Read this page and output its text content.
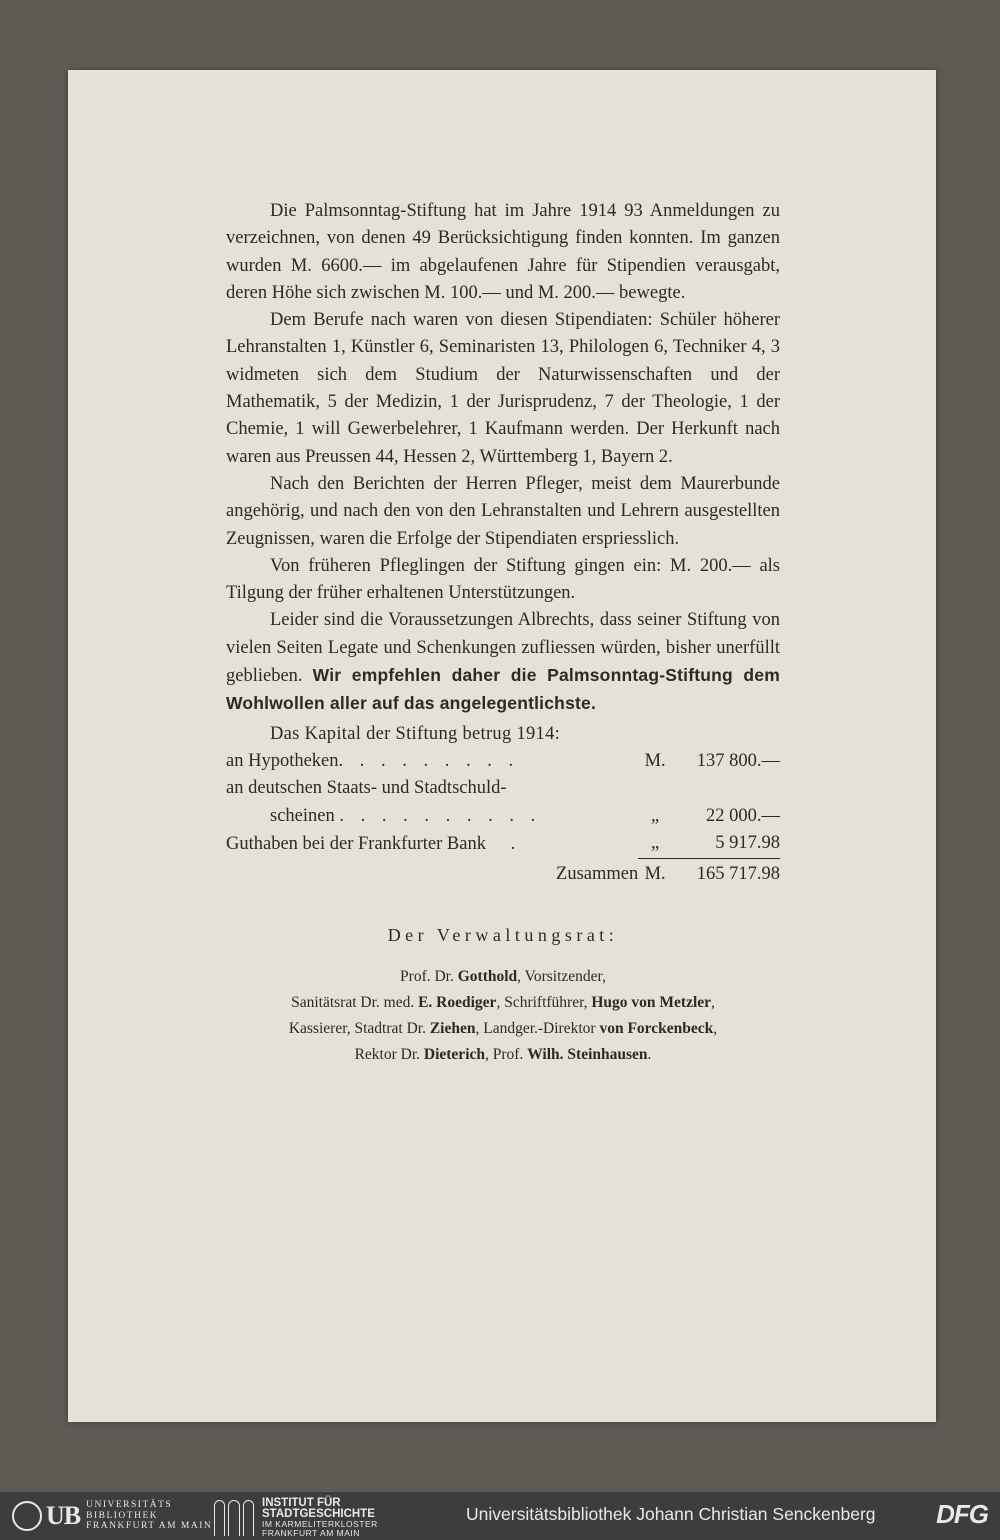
Die Palmsonntag-Stiftung hat im Jahre 1914 93 Anmeldungen zu verzeichnen, von denen 49 Berücksichtigung finden konnten. Im ganzen wurden M. 6600.— im abgelaufenen Jahre für Stipendien verausgabt, deren Höhe sich zwischen M. 100.— und M. 200.— bewegte.

Dem Berufe nach waren von diesen Stipendiaten: Schüler höherer Lehranstalten 1, Künstler 6, Seminaristen 13, Philologen 6, Techniker 4, 3 widmeten sich dem Studium der Naturwissenschaften und der Mathematik, 5 der Medizin, 1 der Jurisprudenz, 7 der Theologie, 1 der Chemie, 1 will Gewerbelehrer, 1 Kaufmann werden. Der Herkunft nach waren aus Preussen 44, Hessen 2, Württemberg 1, Bayern 2.

Nach den Berichten der Herren Pfleger, meist dem Maurerbunde angehörig, und nach den von den Lehranstalten und Lehrern ausgestellten Zeugnissen, waren die Erfolge der Stipendiaten erspriesslich.

Von früheren Pfleglingen der Stiftung gingen ein: M. 200.— als Tilgung der früher erhaltenen Unterstützungen.

Leider sind die Voraussetzungen Albrechts, dass seiner Stiftung von vielen Seiten Legate und Schenkungen zufliessen würden, bisher unerfüllt geblieben. Wir empfehlen daher die Palmsonntag-Stiftung dem Wohlwollen aller auf das angelegentlichste.

Das Kapital der Stiftung betrug 1914:

an Hypotheken. . . . . . . . .	M.	137 800.—
an deutschen Staats- und Stadtschuld-		
scheinen . . . . . . . . . .	„	22 000.—
Guthaben bei der Frankfurter Bank .	„	5 917.98
Zusammen	M.	165 717.98
Der Verwaltungsrat:
Prof. Dr. Gotthold, Vorsitzender,
Sanitätsrat Dr. med. E. Roediger, Schriftführer, Hugo von Metzler,
Kassierer, Stadtrat Dr. Ziehen, Landger.-Direktor von Forckenbeck,
Rektor Dr. Dieterich, Prof. Wilh. Steinhausen.
UB UNIVERSITÄTS
BIBLIOTHEK
FRANKFURT AM MAIN
INSTITUT FÜR
STADTGESCHICHTE
IM KARMELITERKLOSTER
FRANKFURT AM MAIN
Universitätsbibliothek Johann Christian Senckenberg DFG
